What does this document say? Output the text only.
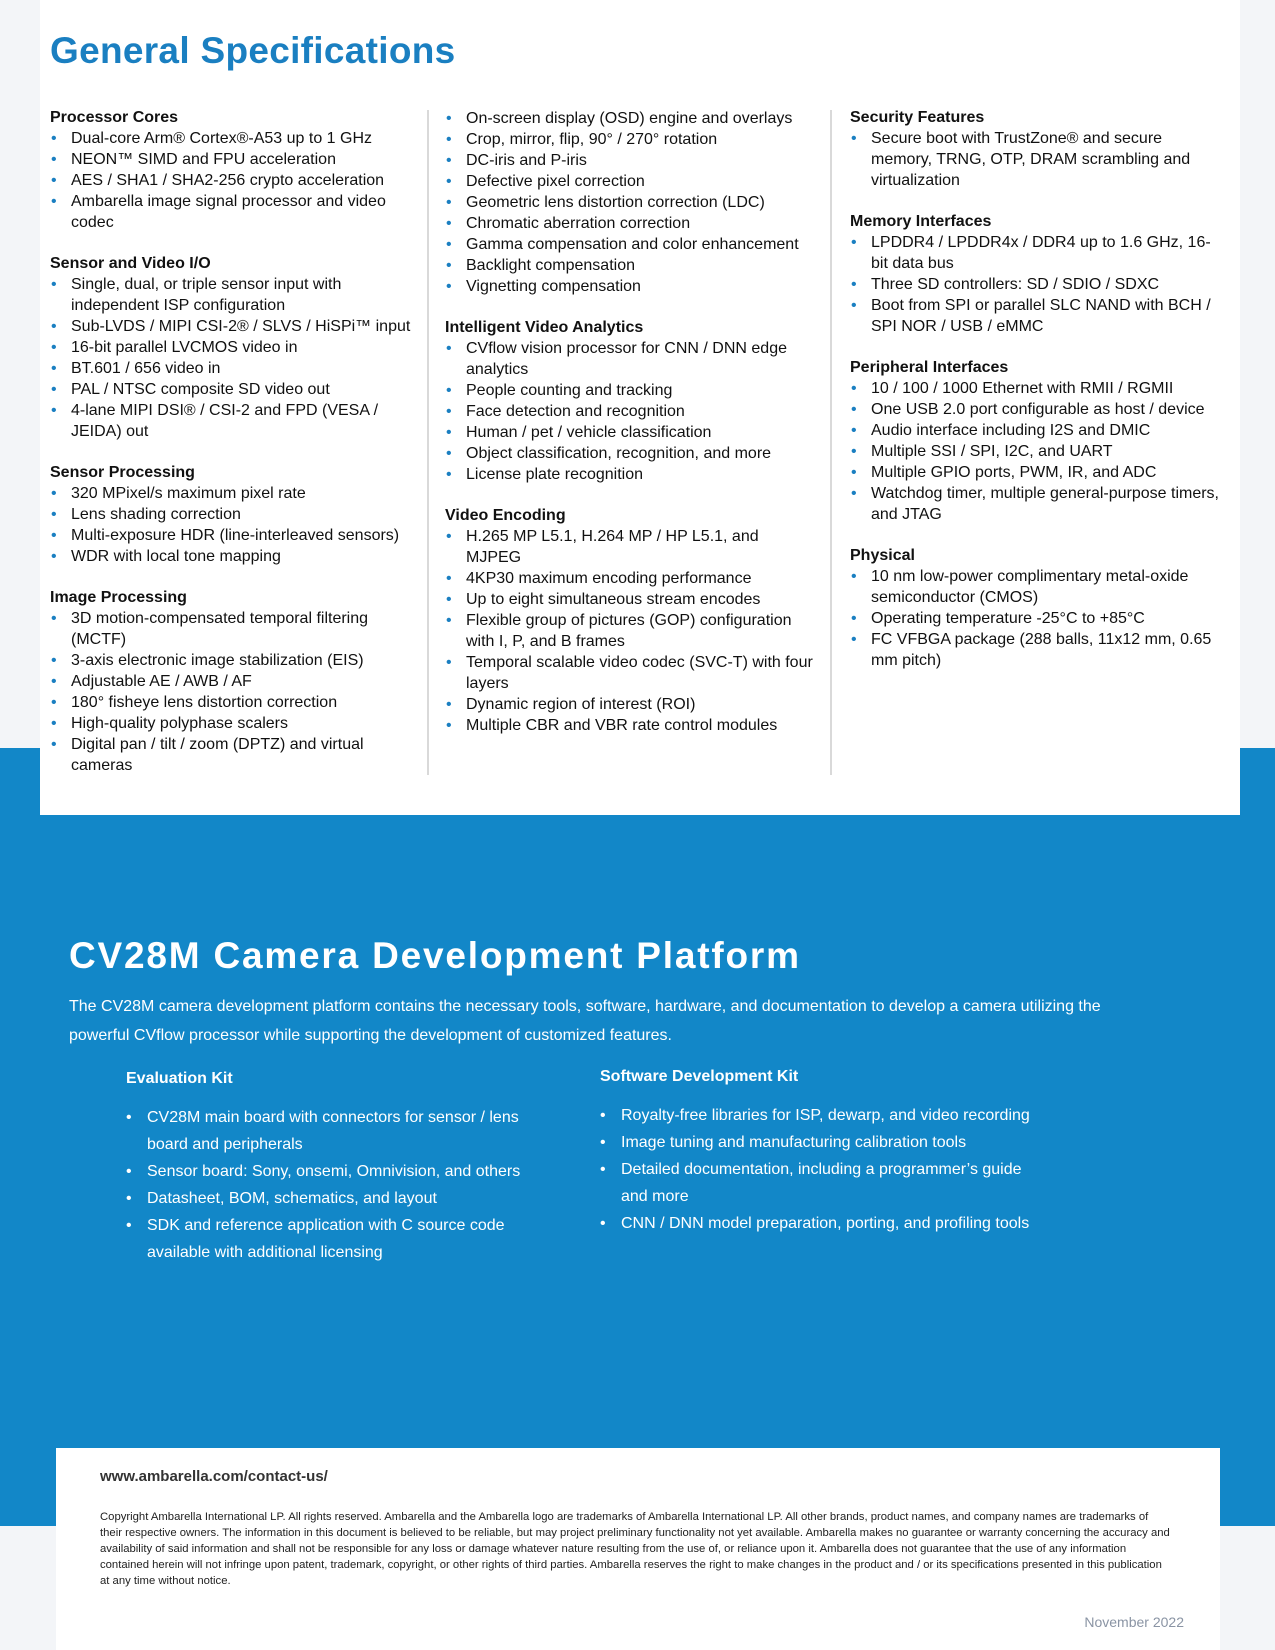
General Specifications
Processor Cores
• Dual-core Arm® Cortex®-A53 up to 1 GHz
• NEON™ SIMD and FPU acceleration
• AES / SHA1 / SHA2-256 crypto acceleration
• Ambarella image signal processor and video codec
Sensor and Video I/O
• Single, dual, or triple sensor input with independent ISP configuration
• Sub-LVDS / MIPI CSI-2® / SLVS / HiSPi™ input
• 16-bit parallel LVCMOS video in
• BT.601 / 656 video in
• PAL / NTSC composite SD video out
• 4-lane MIPI DSI® / CSI-2 and FPD (VESA / JEIDA) out
Sensor Processing
• 320 MPixel/s maximum pixel rate
• Lens shading correction
• Multi-exposure HDR (line-interleaved sensors)
• WDR with local tone mapping
Image Processing
• 3D motion-compensated temporal filtering (MCTF)
• 3-axis electronic image stabilization (EIS)
• Adjustable AE / AWB / AF
• 180° fisheye lens distortion correction
• High-quality polyphase scalers
• Digital pan / tilt / zoom (DPTZ) and virtual cameras
• On-screen display (OSD) engine and overlays
• Crop, mirror, flip, 90° / 270° rotation
• DC-iris and P-iris
• Defective pixel correction
• Geometric lens distortion correction (LDC)
• Chromatic aberration correction
• Gamma compensation and color enhancement
• Backlight compensation
• Vignetting compensation
Intelligent Video Analytics
• CVflow vision processor for CNN / DNN edge analytics
• People counting and tracking
• Face detection and recognition
• Human / pet / vehicle classification
• Object classification, recognition, and more
• License plate recognition
Video Encoding
• H.265 MP L5.1, H.264 MP / HP L5.1, and MJPEG
• 4KP30 maximum encoding performance
• Up to eight simultaneous stream encodes
• Flexible group of pictures (GOP) configuration with I, P, and B frames
• Temporal scalable video codec (SVC-T) with four layers
• Dynamic region of interest (ROI)
• Multiple CBR and VBR rate control modules
Security Features
• Secure boot with TrustZone® and secure memory, TRNG, OTP, DRAM scrambling and virtualization
Memory Interfaces
• LPDDR4 / LPDDR4x / DDR4 up to 1.6 GHz, 16-bit data bus
• Three SD controllers: SD / SDIO / SDXC
• Boot from SPI or parallel SLC NAND with BCH / SPI NOR / USB / eMMC
Peripheral Interfaces
• 10 / 100 / 1000 Ethernet with RMII / RGMII
• One USB 2.0 port configurable as host / device
• Audio interface including I2S and DMIC
• Multiple SSI / SPI, I2C, and UART
• Multiple GPIO ports, PWM, IR, and ADC
• Watchdog timer, multiple general-purpose timers, and JTAG
Physical
• 10 nm low-power complimentary metal-oxide semiconductor (CMOS)
• Operating temperature -25°C to +85°C
• FC VFBGA package (288 balls, 11x12 mm, 0.65 mm pitch)
CV28M Camera Development Platform

The CV28M camera development platform contains the necessary tools, software, hardware, and documentation to develop a camera utilizing the powerful CVflow processor while supporting the development of customized features.

Evaluation Kit
• CV28M main board with connectors for sensor / lens board and peripherals
• Sensor board: Sony, onsemi, Omnivision, and others
• Datasheet, BOM, schematics, and layout
• SDK and reference application with C source code available with additional licensing
Software Development Kit
• Royalty-free libraries for ISP, dewarp, and video recording
• Image tuning and manufacturing calibration tools
• Detailed documentation, including a programmer’s guide and more
• CNN / DNN model preparation, porting, and profiling tools
www.ambarella.com/contact-us/

Copyright Ambarella International LP. All rights reserved. Ambarella and the Ambarella logo are trademarks of Ambarella International LP. All other brands, product names, and company names are trademarks of their respective owners. The information in this document is believed to be reliable, but may project preliminary functionality not yet available. Ambarella makes no guarantee or warranty concerning the accuracy and availability of said information and shall not be responsible for any loss or damage whatever nature resulting from the use of, or reliance upon it. Ambarella does not guarantee that the use of any information contained herein will not infringe upon patent, trademark, copyright, or other rights of third parties. Ambarella reserves the right to make changes in the product and / or its specifications presented in this publication at any time without notice.

November 2022
